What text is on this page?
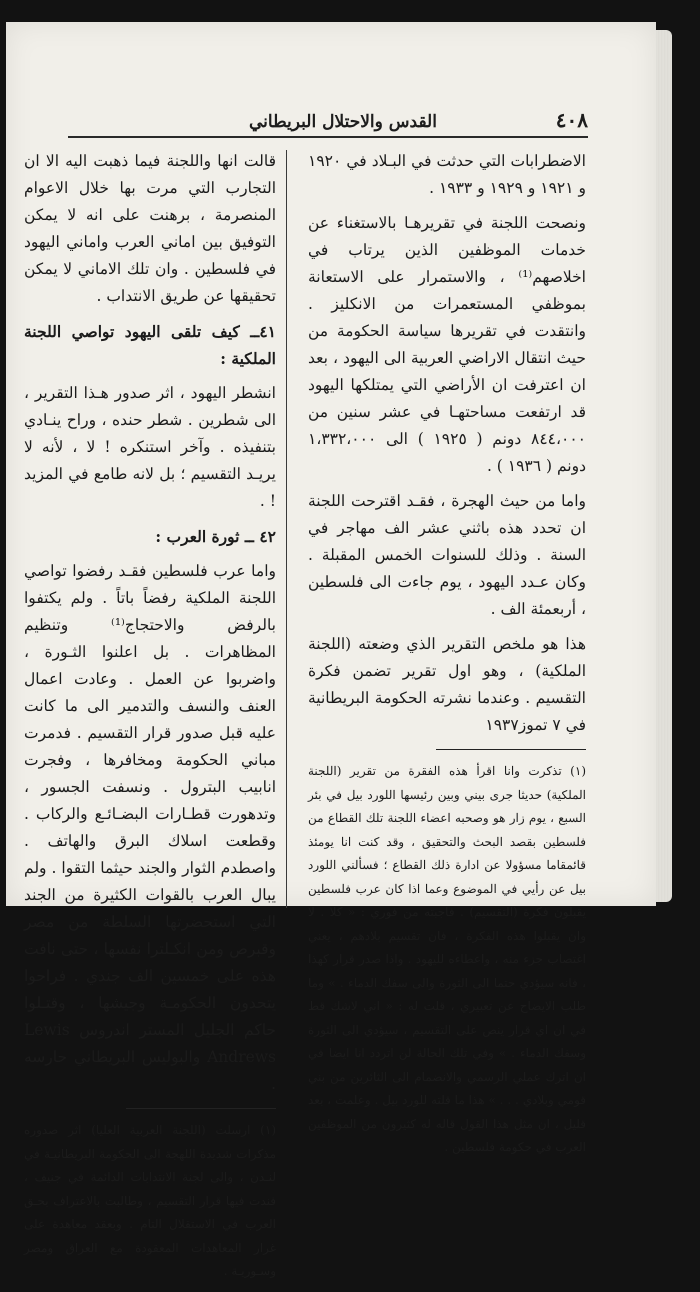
٤٠٨
القدس والاحتلال البريطاني

الاضطرابات التي حدثت في البـلاد في ١٩٢٠ و ١٩٢١ و ١٩٢٩ و ١٩٣٣ .

ونصحت اللجنة في تقريرهـا بالاستغناء عن خدمات الموظفين الذين يرتاب في اخلاصهم⁽¹⁾ ، والاستمرار على الاستعانة بموظفي المستعمرات من الانكليز . وانتقدت في تقريرها سياسة الحكومة من حيث انتقال الاراضي العربية الى اليهود ، بعد ان اعترفت ان الأراضي التي يمتلكها اليهود قد ارتفعت مساحتهـا في عشر سنين من ٨٤٤،٠٠٠ دونم ( ١٩٢٥ ) الى ١،٣٣٢،٠٠٠ دونم ( ١٩٣٦ ) .

واما من حيث الهجرة ، فقـد اقترحت اللجنة ان تحدد هذه باثني عشر الف مهاجر في السنة . وذلك للسنوات الخمس المقبلة . وكان عـدد اليهود ، يوم جاءت الى فلسطين ، أربعمئة الف .

هذا هو ملخص التقرير الذي وضعته (اللجنة الملكية) ، وهو اول تقرير تضمن فكرة التقسيم . وعندما نشرته الحكومة البريطانية في ٧ تموز١٩٣٧

(١) تذكرت وانا اقرأ هذه الفقرة من تقرير (اللجنة الملكية) حديثا جرى بيني وبين رئيسها اللورد بيل في بئر السبع ، يوم زار هو وصحبه اعضاء اللجنة تلك القطاع من فلسطين بقصد البحث والتحقيق ، وقد كنت انا يومئذ قائمقاما مسؤولا عن ادارة ذلك القطاع ؛ فسألني اللورد بيل عن رأيي في الموضوع وعما اذا كان عرب فلسطين يقبلون فكرة (التقسيم) . فاجبته من فوري : « كلا . لا وان يقبلوا هذه الفكرة ، فان تقسيم بلادهم ، يعني اغتصاب جزء منه ، واعطاءه لليهود . واذا صدر قرار كهذا ، فانه سيؤدي حتما الى الثورة والى سفك الدماء . » وما طلب الايضاح عن تعبيري ، قلت له : « اني لاشك قط في ان اي قرار ينص على التقسيم ، سيؤدي الى الثورة وسفك الدماء . » وفي تلك الحالة لن اتردد انا ايضا في ان اترك عملي الرسمي والانضمام الى الثائرين من بني قومي وبلادي . . . » هذا ما قلته للورد بيل . وعلمت ، بعد قليل ، ان مثل هذا القول قاله له كثيرون من الموظفين العرب في حكومة فلسطين .

قالت انها واللجنة فيما ذهبت اليه الا ان التجارب التي مرت بها خلال الاعوام المنصرمة ، برهنت على انه لا يمكن التوفيق بين اماني العرب واماني اليهود في فلسطين . وان تلك الاماني لا يمكن تحقيقها عن طريق الانتداب .

٤١ــ كيف تلقى اليهود تواصي اللجنة الملكية :

انشطر اليهود ، اثر صدور هـذا التقرير ، الى شطرين . شطر حنده ، وراح ينـادي بتنفيذه . وآخر استنكره ! لا ، لأنه لا يريـد التقسيم ؛ بل لانه طامع في المزيد ! .

٤٢ ــ ثورة العرب :

واما عرب فلسطين فقـد رفضوا تواصي اللجنة الملكية رفضاً باتاً . ولم يكتفوا بالرفض والاحتجاج⁽¹⁾ وتنظيم المظاهرات . بل اعلنوا الثـورة ، واضربوا عن العمل . وعادت اعمال العنف والنسف والتدمير الى ما كانت عليه قبل صدور قرار التقسيم . فدمرت مباني الحكومة ومخافرها ، وفجرت انابيب البترول . ونسفت الجسور ، وتدهورت قطـارات البضـائـع والركاب . وقطعت اسلاك البرق والهاتف . واصطدم الثوار والجند حيثما التقوا . ولم يبال العرب بالقوات الكثيرة من الجند التي استحضرتها السلطة من مصر وقبرص ومن انكـلترا نفسها ، حتى نافت هذه على خمسين الف جندي . فراحوا يتحدون الحكومـة وجيشها ، وقتـلوا حاكم الجليل المستر اندروس Lewis Andrews والبوليس البريطاني حارسه .

(١) ارسلت (اللجنة العربية العليا) اثر صدوره مذكرات شديدة اللهجة الى الحكومة البريطانيـة في لنـدن ، والى لجنة الانتدابات الدائمة في جنيف ، فندت فيها قرار التقسيم ، وطالبت بالاعتراف بحـق العرب في الاستقلال التام . وبعقد معاهدة على غرار المعاهدات المعقودة مع العراق ومصر وسـوريـة .
